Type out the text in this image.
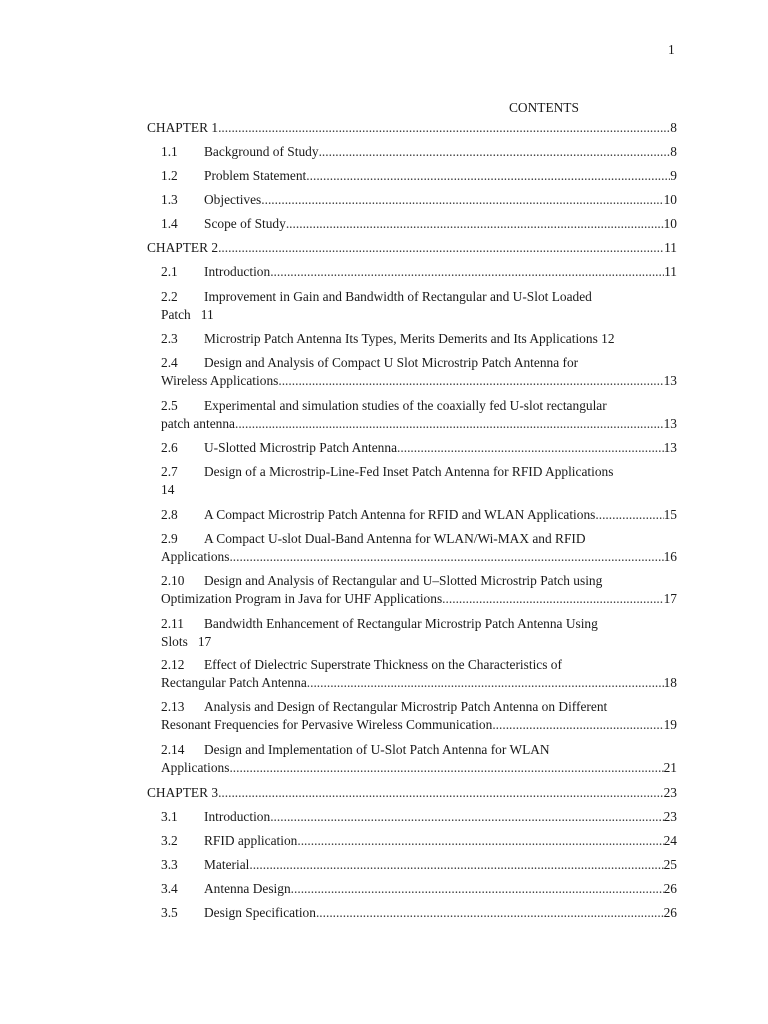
1
CONTENTS
CHAPTER 1 .....	8
1.1 Background of Study .....	8
1.2 Problem Statement .....	9
1.3 Objectives .....	10
1.4 Scope of Study .....	10
CHAPTER 2 .....	11
2.1 Introduction .....	11
2.2 Improvement in Gain and Bandwidth of Rectangular and U-Slot Loaded
Patch   11
2.3 Microstrip Patch Antenna Its Types, Merits Demerits and Its Applications 12
2.4 Design and Analysis of Compact U Slot Microstrip Patch Antenna for
Wireless Applications .....	13
2.5 Experimental and simulation studies of the coaxially fed U-slot rectangular
patch antenna .....	13
2.6 U-Slotted Microstrip Patch Antenna .....	13
2.7 Design of a Microstrip-Line-Fed Inset Patch Antenna for RFID Applications
14
2.8 A Compact Microstrip Patch Antenna for RFID and WLAN Applications .....	15
2.9 A Compact U-slot Dual-Band Antenna for WLAN/Wi-MAX and RFID
Applications .....	16
2.10 Design and Analysis of Rectangular and U–Slotted Microstrip Patch using
Optimization Program in Java for UHF Applications .....	17
2.11 Bandwidth Enhancement of Rectangular Microstrip Patch Antenna Using
Slots   17
2.12 Effect of Dielectric Superstrate Thickness on the Characteristics of
Rectangular Patch Antenna .....	18
2.13 Analysis and Design of Rectangular Microstrip Patch Antenna on Different
Resonant Frequencies for Pervasive Wireless Communication .....	19
2.14 Design and Implementation of U-Slot Patch Antenna for WLAN
Applications .....	21
CHAPTER 3 .....	23
3.1 Introduction .....	23
3.2 RFID application .....	24
3.3 Material .....	25
3.4 Antenna Design .....	26
3.5 Design Specification .....	26
